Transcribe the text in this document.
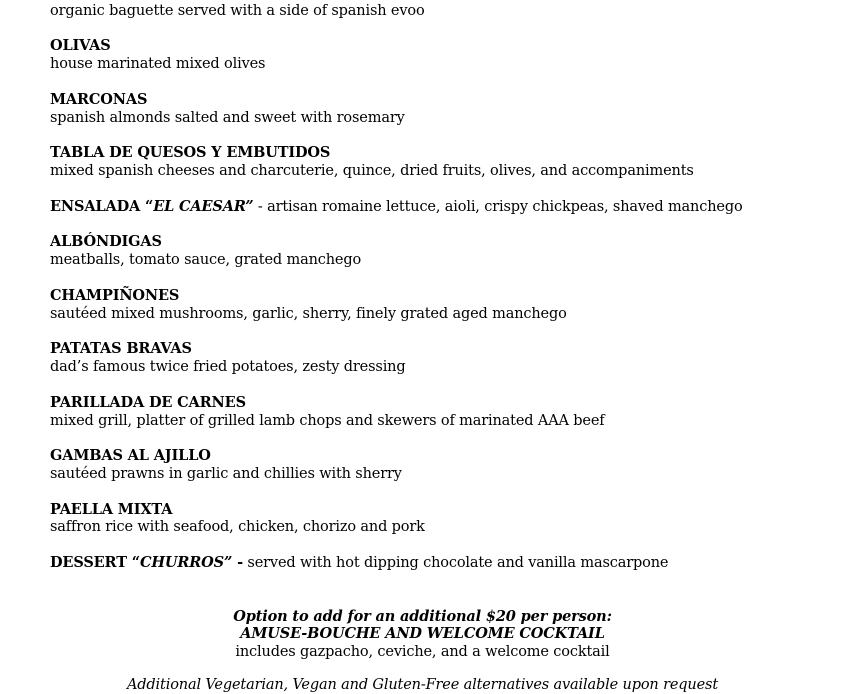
organic baguette served with a side of spanish evoo
OLIVAS
house marinated mixed olives
MARCONAS
spanish almonds salted and sweet with rosemary
TABLA DE QUESOS Y EMBUTIDOS
mixed spanish cheeses and charcuterie, quince, dried fruits, olives, and accompaniments
ENSALADA “EL CAESAR” - artisan romaine lettuce, aioli, crispy chickpeas, shaved manchego
ALBÓNDIGAS
meatballs, tomato sauce, grated manchego
CHAMPIÑONES
sautéed mixed mushrooms, garlic, sherry, finely grated aged manchego
PATATAS BRAVAS
dad’s famous twice fried potatoes, zesty dressing
PARILLADA DE CARNES
mixed grill, platter of grilled lamb chops and skewers of marinated AAA beef
GAMBAS AL AJILLO
sautéed prawns in garlic and chillies with sherry
PAELLA MIXTA
saffron rice with seafood, chicken, chorizo and pork
DESSERT “CHURROS” - served with hot dipping chocolate and vanilla mascarpone
Option to add for an additional $20 per person:
AMUSE-BOUCHE AND WELCOME COCKTAIL
includes gazpacho, ceviche, and a welcome cocktail
Additional Vegetarian, Vegan and Gluten-Free alternatives available upon request
